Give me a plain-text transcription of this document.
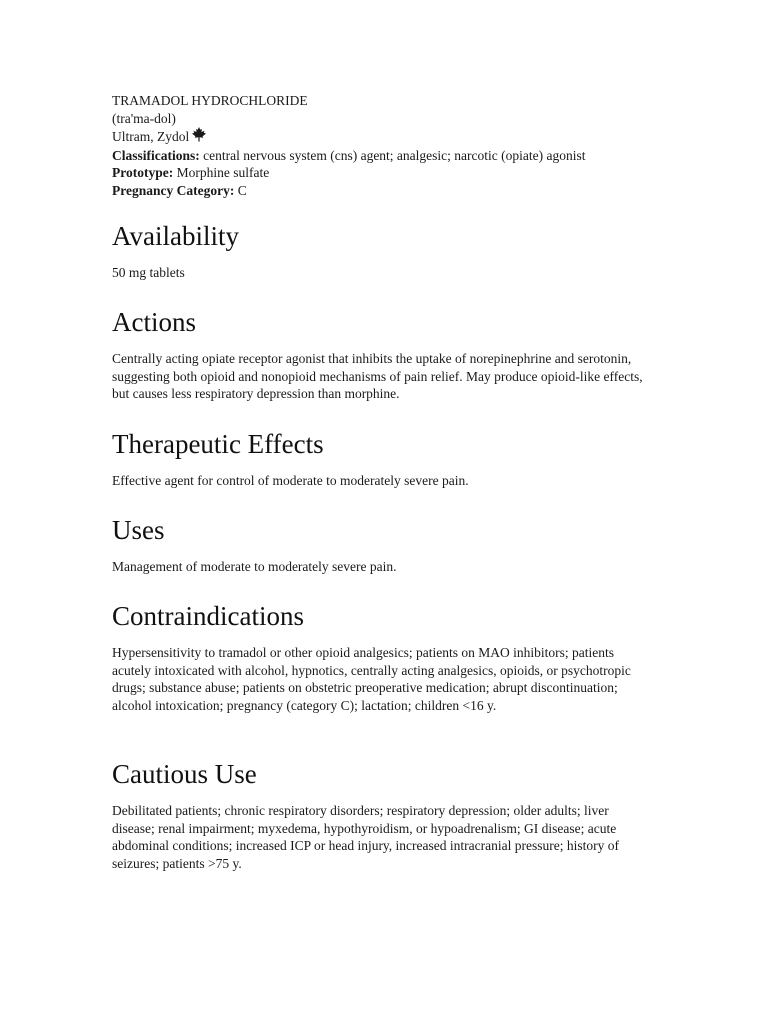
TRAMADOL HYDROCHLORIDE
(tra'ma-dol)
Ultram, Zydol
Classifications: central nervous system (cns) agent; analgesic; narcotic (opiate) agonist
Prototype: Morphine sulfate
Pregnancy Category: C
Availability

50 mg tablets

Actions

Centrally acting opiate receptor agonist that inhibits the uptake of norepinephrine and serotonin, suggesting both opioid and nonopioid mechanisms of pain relief. May produce opioid-like effects, but causes less respiratory depression than morphine.

Therapeutic Effects

Effective agent for control of moderate to moderately severe pain.

Uses

Management of moderate to moderately severe pain.

Contraindications

Hypersensitivity to tramadol or other opioid analgesics; patients on MAO inhibitors; patients acutely intoxicated with alcohol, hypnotics, centrally acting analgesics, opioids, or psychotropic drugs; substance abuse; patients on obstetric preoperative medication; abrupt discontinuation; alcohol intoxication; pregnancy (category C); lactation; children <16 y.

Cautious Use

Debilitated patients; chronic respiratory disorders; respiratory depression; older adults; liver disease; renal impairment; myxedema, hypothyroidism, or hypoadrenalism; GI disease; acute abdominal conditions; increased ICP or head injury, increased intracranial pressure; history of seizures; patients >75 y.
